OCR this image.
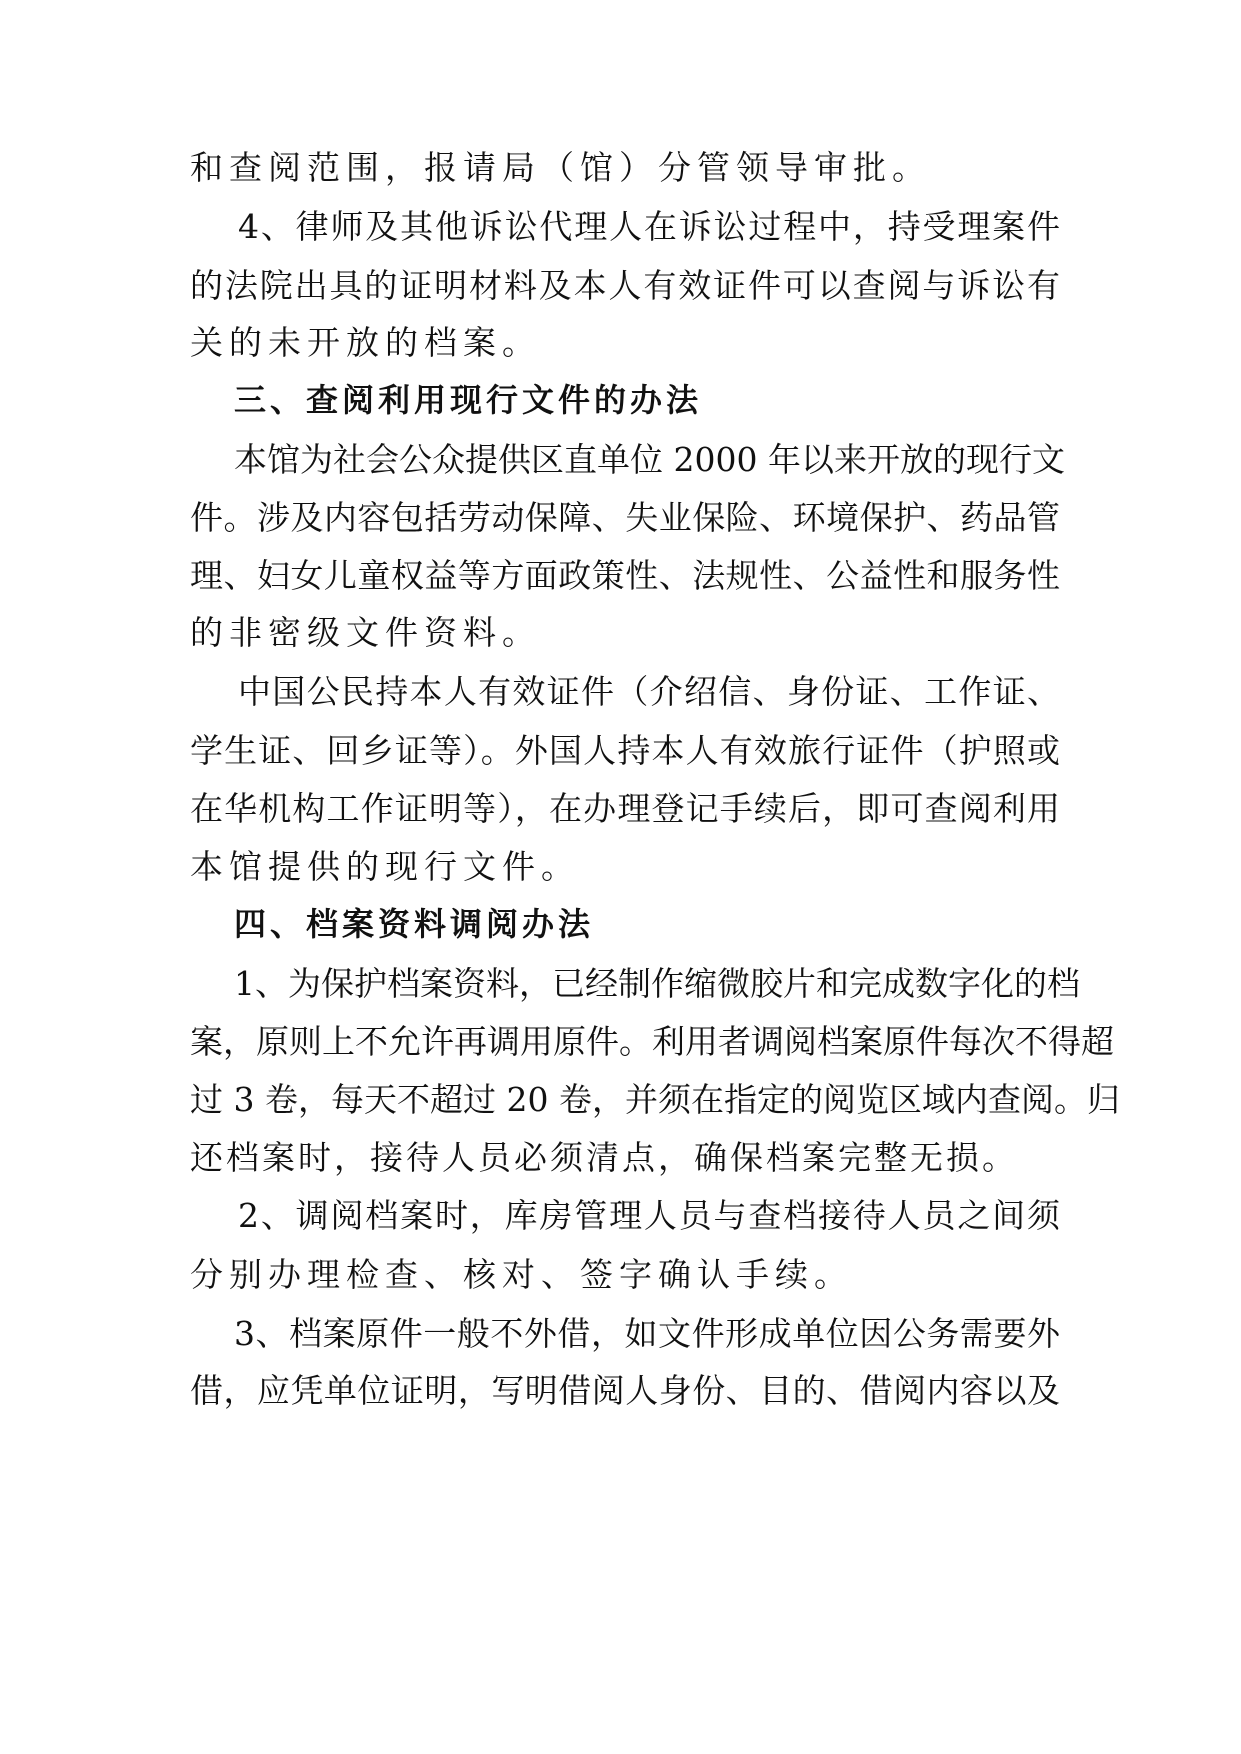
和查阅范围，报请局（馆）分管领导审批。
4、律师及其他诉讼代理人在诉讼过程中，持受理案件
的法院出具的证明材料及本人有效证件可以查阅与诉讼有
关的未开放的档案。
三、查阅利用现行文件的办法
本馆为社会公众提供区直单位 2000 年以来开放的现行文
件。涉及内容包括劳动保障、失业保险、环境保护、药品管
理、妇女儿童权益等方面政策性、法规性、公益性和服务性
的非密级文件资料。
中国公民持本人有效证件（介绍信、身份证、工作证、
学生证、回乡证等）。外国人持本人有效旅行证件（护照或
在华机构工作证明等），在办理登记手续后，即可查阅利用
本馆提供的现行文件。
四、档案资料调阅办法
1、为保护档案资料，已经制作缩微胶片和完成数字化的档
案，原则上不允许再调用原件。利用者调阅档案原件每次不得超
过 3 卷，每天不超过 20 卷，并须在指定的阅览区域内查阅。归
还档案时，接待人员必须清点，确保档案完整无损。
2、调阅档案时，库房管理人员与查档接待人员之间须
分别办理检查、核对、签字确认手续。
3、档案原件一般不外借，如文件形成单位因公务需要外
借，应凭单位证明，写明借阅人身份、目的、借阅内容以及
